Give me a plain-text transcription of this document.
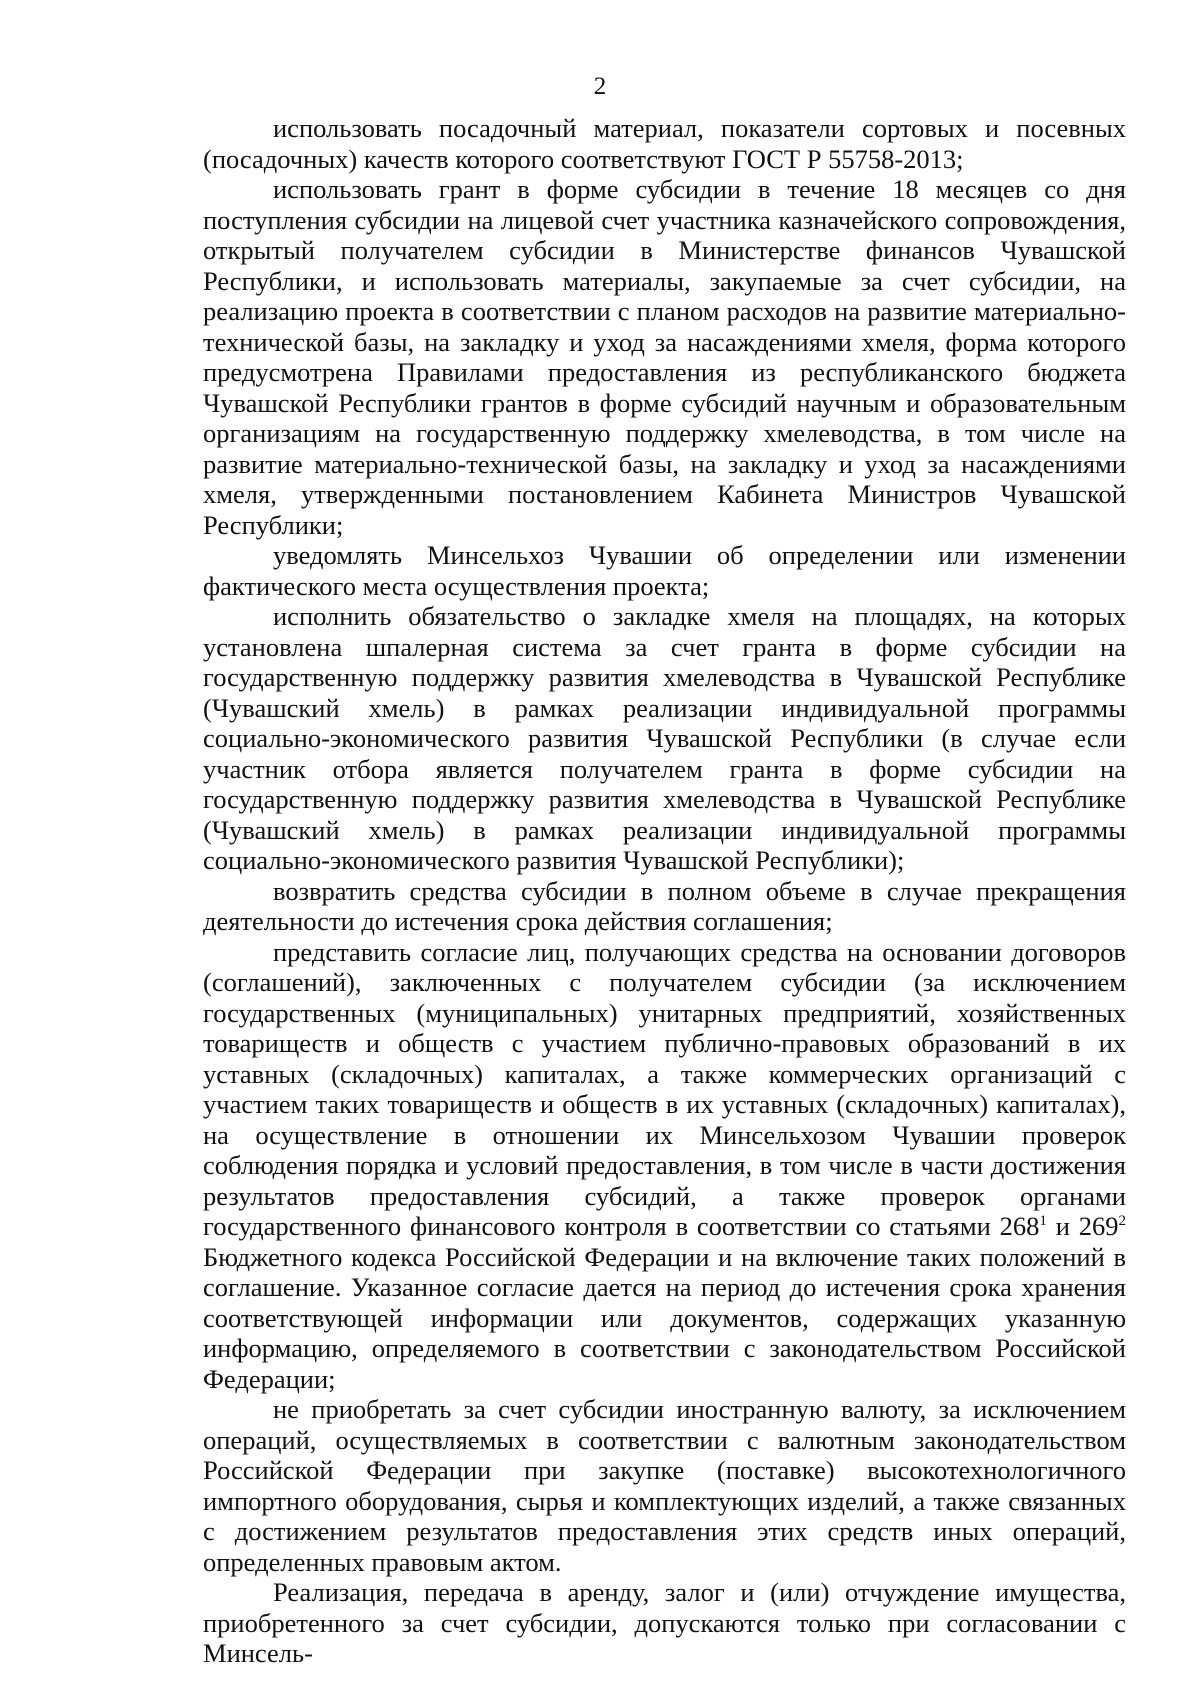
2

использовать посадочный материал, показатели сортовых и посевных (посадочных) качеств которого соответствуют ГОСТ Р 55758-2013;

использовать грант в форме субсидии в течение 18 месяцев со дня поступления субсидии на лицевой счет участника казначейского сопровождения, открытый получателем субсидии в Министерстве финансов Чувашской Республики, и использовать материалы, закупаемые за счет субсидии, на реализацию проекта в соответствии с планом расходов на развитие материально-технической базы, на закладку и уход за насаждениями хмеля, форма которого предусмотрена Правилами предоставления из республиканского бюджета Чувашской Республики грантов в форме субсидий научным и образовательным организациям на государственную поддержку хмелеводства, в том числе на развитие материально-технической базы, на закладку и уход за насаждениями хмеля, утвержденными постановлением Кабинета Министров Чувашской Республики;

уведомлять Минсельхоз Чувашии об определении или изменении фактического места осуществления проекта;

исполнить обязательство о закладке хмеля на площадях, на которых установлена шпалерная система за счет гранта в форме субсидии на государственную поддержку развития хмелеводства в Чувашской Республике (Чувашский хмель) в рамках реализации индивидуальной программы социально-экономического развития Чувашской Республики (в случае если участник отбора является получателем гранта в форме субсидии на государственную поддержку развития хмелеводства в Чувашской Республике (Чувашский хмель) в рамках реализации индивидуальной программы социально-экономического развития Чувашской Республики);

возвратить средства субсидии в полном объеме в случае прекращения деятельности до истечения срока действия соглашения;

представить согласие лиц, получающих средства на основании договоров (соглашений), заключенных с получателем субсидии (за исключением государственных (муниципальных) унитарных предприятий, хозяйственных товариществ и обществ с участием публично-правовых образований в их уставных (складочных) капиталах, а также коммерческих организаций с участием таких товариществ и обществ в их уставных (складочных) капиталах), на осуществление в отношении их Минсельхозом Чувашии проверок соблюдения порядка и условий предоставления, в том числе в части достижения результатов предоставления субсидий, а также проверок органами государственного финансового контроля в соответствии со статьями $268^1$ и $269^2$ Бюджетного кодекса Российской Федерации и на включение таких положений в соглашение. Указанное согласие дается на период до истечения срока хранения соответствующей информации или документов, содержащих указанную информацию, определяемого в соответствии с законодательством Российской Федерации;

не приобретать за счет субсидии иностранную валюту, за исключением операций, осуществляемых в соответствии с валютным законодательством Российской Федерации при закупке (поставке) высокотехнологичного импортного оборудования, сырья и комплектующих изделий, а также связанных с достижением результатов предоставления этих средств иных операций, определенных правовым актом.

Реализация, передача в аренду, залог и (или) отчуждение имущества, приобретенного за счет субсидии, допускаются только при согласовании с Минсель-
